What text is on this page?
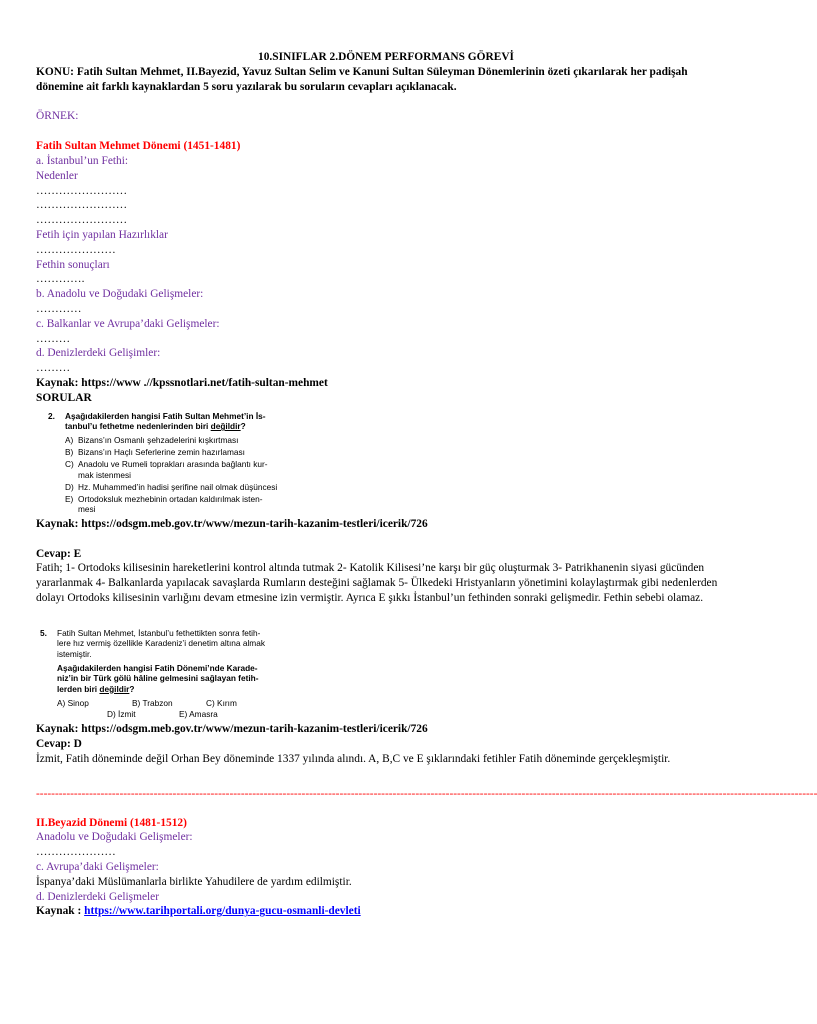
10.SINIFLAR 2.DÖNEM PERFORMANS GÖREVİ
KONU: Fatih Sultan Mehmet, II.Bayezid, Yavuz Sultan Selim ve Kanuni Sultan Süleyman Dönemlerinin özeti çıkarılarak her padişah dönemine ait farklı kaynaklardan 5 soru yazılarak bu soruların cevapları açıklanacak.
ÖRNEK:
Fatih Sultan Mehmet Dönemi (1451-1481)
a. İstanbul’un Fethi:
Nedenler
……………………
……………………
……………………
Fetih için yapılan Hazırlıklar
…………………
Fethin sonuçları
………….
b. Anadolu ve Doğudaki Gelişmeler:
…………
c. Balkanlar ve Avrupa’daki Gelişmeler:
………
d. Denizlerdeki Gelişimler:
………
Kaynak: https://www .//kpssnotlari.net/fatih-sultan-mehmet
SORULAR
2.	Aşağıdakilerden hangisi Fatih Sultan Mehmet’in İs-
tanbul’u fethetme nedenlerinden biri değildir?
A) Bizans’ın Osmanlı şehzadelerini kışkırtması
B) Bizans’ın Haçlı Seferlerine zemin hazırlaması
C) Anadolu ve Rumeli toprakları arasında bağlantı kur-
mak istenmesi
D) Hz. Muhammed’in hadisi şerifine nail olmak düşüncesi
E) Ortodoksluk mezhebinin ortadan kaldırılmak isten-
mesi
Kaynak: https://odsgm.meb.gov.tr/www/mezun-tarih-kazanim-testleri/icerik/726
Cevap: E
Fatih; 1- Ortodoks kilisesinin hareketlerini kontrol altında tutmak 2- Katolik Kilisesi’ne karşı bir güç oluşturmak 3- Patrikhanenin siyasi gücünden yararlanmak 4- Balkanlarda yapılacak savaşlarda Rumların desteğini sağlamak 5- Ülkedeki Hristyanların yönetimini kolaylaştırmak gibi nedenlerden dolayı Ortodoks kilisesinin varlığını devam etmesine izin vermiştir. Ayrıca E şıkkı İstanbul’un fethinden sonraki gelişmedir. Fethin sebebi olamaz.
5.	Fatih Sultan Mehmet, İstanbul’u fethettikten sonra fetih-
lere hız vermiş özellikle Karadeniz’i denetim altına almak
istemiştir.
Aşağıdakilerden hangisi Fatih Dönemi’nde Karade-
niz’in bir Türk gölü hâline gelmesini sağlayan fetih-
lerden biri değildir?
A) Sinop	B) Trabzon	C) Kırım
D) İzmit	E) Amasra
Kaynak: https://odsgm.meb.gov.tr/www/mezun-tarih-kazanim-testleri/icerik/726
Cevap: D
İzmit, Fatih döneminde değil Orhan Bey döneminde 1337 yılında alındı. A, B,C ve E şıklarındaki fetihler Fatih döneminde gerçekleşmiştir.
--------------------------------------------------------------------------------------------------------------------------------------------------------------------------------------------------------------
II.Beyazid Dönemi (1481-1512)
Anadolu ve Doğudaki Gelişmeler:
…………………
c. Avrupa’daki Gelişmeler:
İspanya’daki Müslümanlarla birlikte Yahudilere de yardım edilmiştir.
d. Denizlerdeki Gelişmeler
Kaynak : https://www.tarihportali.org/dunya-gucu-osmanli-devleti
